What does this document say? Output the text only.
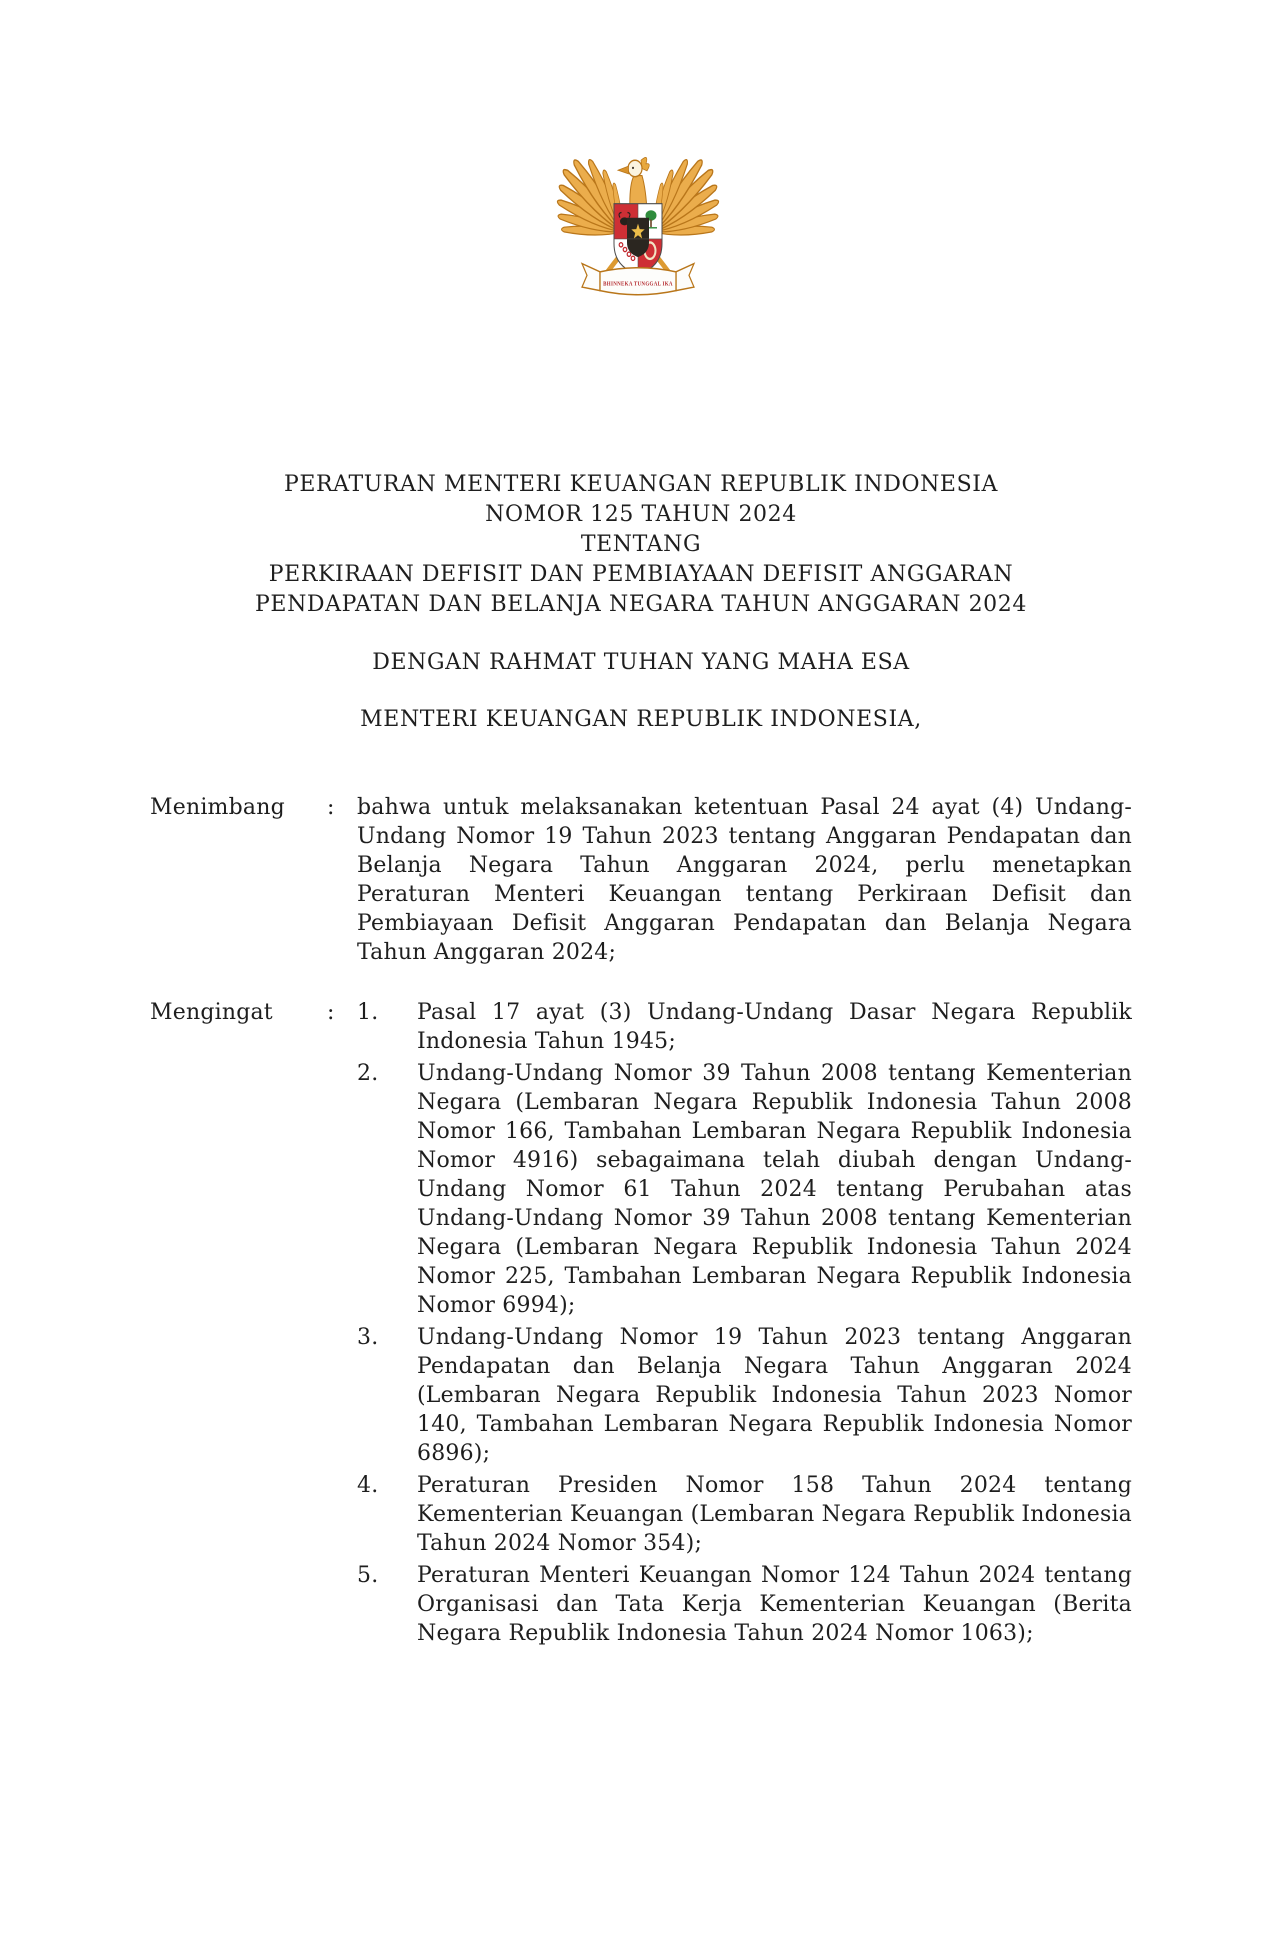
BHINNEKA TUNGGAL IKA
PERATURAN MENTERI KEUANGAN REPUBLIK INDONESIA
NOMOR 125 TAHUN 2024
TENTANG
PERKIRAAN DEFISIT DAN PEMBIAYAAN DEFISIT ANGGARAN
PENDAPATAN DAN BELANJA NEGARA TAHUN ANGGARAN 2024
DENGAN RAHMAT TUHAN YANG MAHA ESA
MENTERI KEUANGAN REPUBLIK INDONESIA,
Menimbang	:	bahwa untuk melaksanakan ketentuan Pasal 24 ayat (4) Undang-Undang Nomor 19 Tahun 2023 tentang Anggaran Pendapatan dan Belanja Negara Tahun Anggaran 2024, perlu menetapkan Peraturan Menteri Keuangan tentang Perkiraan Defisit dan Pembiayaan Defisit Anggaran Pendapatan dan Belanja Negara Tahun Anggaran 2024;
Mengingat	:	1.	Pasal 17 ayat (3) Undang-Undang Dasar Negara Republik Indonesia Tahun 1945;
2.	Undang-Undang Nomor 39 Tahun 2008 tentang Kementerian Negara (Lembaran Negara Republik Indonesia Tahun 2008 Nomor 166, Tambahan Lembaran Negara Republik Indonesia Nomor 4916) sebagaimana telah diubah dengan Undang-Undang Nomor 61 Tahun 2024 tentang Perubahan atas Undang-Undang Nomor 39 Tahun 2008 tentang Kementerian Negara (Lembaran Negara Republik Indonesia Tahun 2024 Nomor 225, Tambahan Lembaran Negara Republik Indonesia Nomor 6994);
3.	Undang-Undang Nomor 19 Tahun 2023 tentang Anggaran Pendapatan dan Belanja Negara Tahun Anggaran 2024 (Lembaran Negara Republik Indonesia Tahun 2023 Nomor 140, Tambahan Lembaran Negara Republik Indonesia Nomor 6896);
4.	Peraturan Presiden Nomor 158 Tahun 2024 tentang Kementerian Keuangan (Lembaran Negara Republik Indonesia Tahun 2024 Nomor 354);
5.	Peraturan Menteri Keuangan Nomor 124 Tahun 2024 tentang Organisasi dan Tata Kerja Kementerian Keuangan (Berita Negara Republik Indonesia Tahun 2024 Nomor 1063);
